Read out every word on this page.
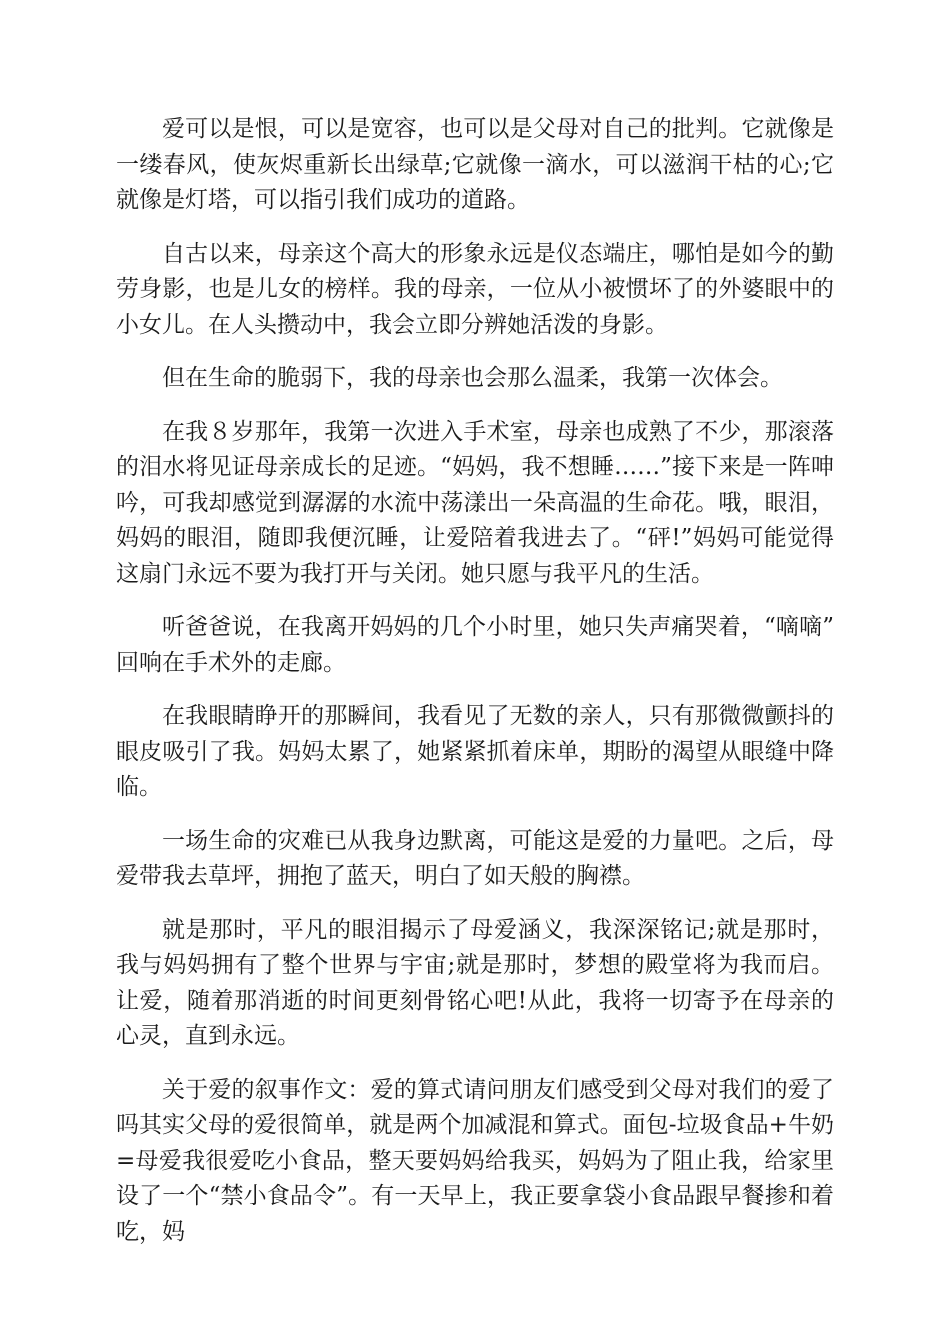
爱可以是恨，可以是宽容，也可以是父母对自己的批判。它就像是一缕春风，使灰烬重新长出绿草;它就像一滴水，可以滋润干枯的心;它就像是灯塔，可以指引我们成功的道路。

自古以来，母亲这个高大的形象永远是仪态端庄，哪怕是如今的勤劳身影，也是儿女的榜样。我的母亲，一位从小被惯坏了的外婆眼中的小女儿。在人头攒动中，我会立即分辨她活泼的身影。

但在生命的脆弱下，我的母亲也会那么温柔，我第一次体会。

在我８岁那年，我第一次进入手术室，母亲也成熟了不少，那滚落的泪水将见证母亲成长的足迹。“妈妈，我不想睡……”接下来是一阵呻吟，可我却感觉到潺潺的水流中荡漾出一朵高温的生命花。哦，眼泪，妈妈的眼泪，随即我便沉睡，让爱陪着我进去了。“砰!”妈妈可能觉得这扇门永远不要为我打开与关闭。她只愿与我平凡的生活。

听爸爸说，在我离开妈妈的几个小时里，她只失声痛哭着，“嘀嘀”回响在手术外的走廊。

在我眼睛睁开的那瞬间，我看见了无数的亲人，只有那微微颤抖的眼皮吸引了我。妈妈太累了，她紧紧抓着床单，期盼的渴望从眼缝中降临。

一场生命的灾难已从我身边默离，可能这是爱的力量吧。之后，母爱带我去草坪，拥抱了蓝天，明白了如天般的胸襟。

就是那时，平凡的眼泪揭示了母爱涵义，我深深铭记;就是那时，我与妈妈拥有了整个世界与宇宙;就是那时，梦想的殿堂将为我而启。让爱，随着那消逝的时间更刻骨铭心吧!从此，我将一切寄予在母亲的心灵，直到永远。

关于爱的叙事作文：爱的算式请问朋友们感受到父母对我们的爱了吗其实父母的爱很简单，就是两个加减混和算式。面包-垃圾食品+牛奶=母爱我很爱吃小食品，整天要妈妈给我买，妈妈为了阻止我，给家里设了一个“禁小食品令”。有一天早上，我正要拿袋小食品跟早餐掺和着吃，妈
